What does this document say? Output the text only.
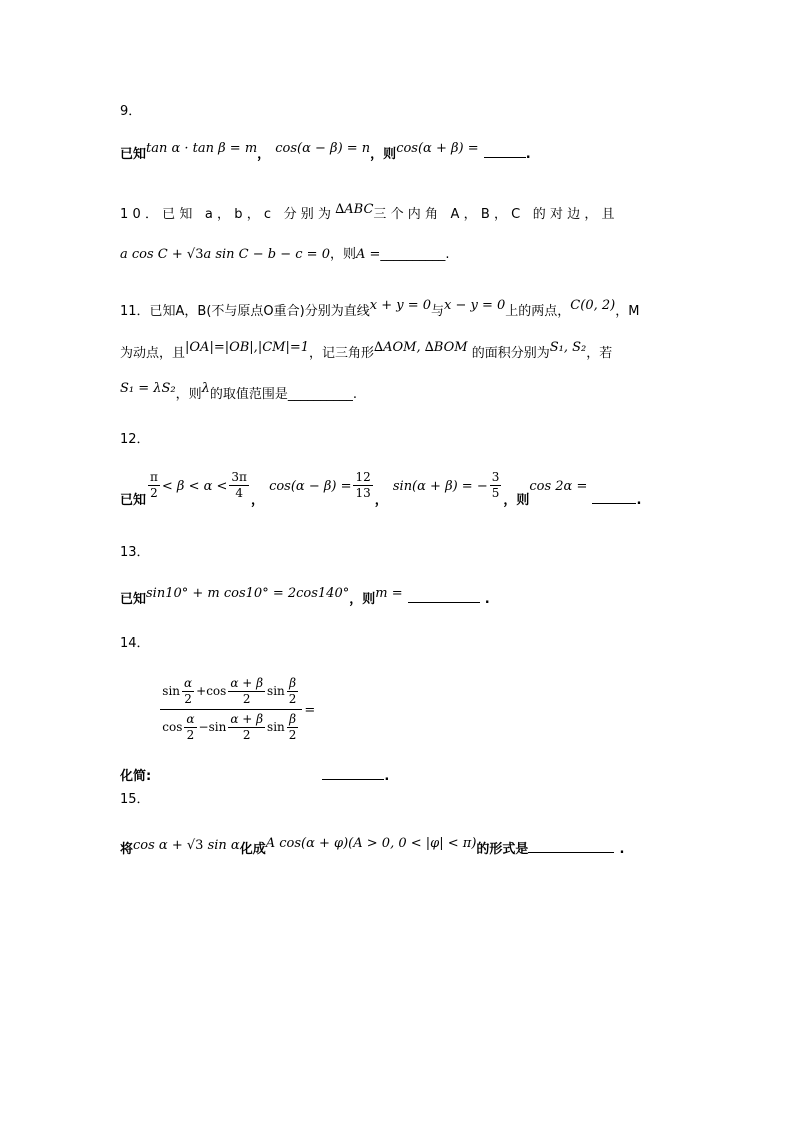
9．
已知$^{tan \alpha \cdot tan \beta = m}$， $^{cos(\alpha - \beta) = n}$，则$^{cos(\alpha + \beta) =}$	.
10．已知 a，b，c 分别为∆ABC三个内角 A，B，C 的对边，且
a cos C + √3a sin C − b − c = 0，则A =__________.
11．已知A，B(不与原点O重合)分别为直线x + y = 0与x − y = 0上的两点，C(0, 2)，M
为动点，且|OA|=|OB|,|CM|=1，记三角形∆AOM, ∆BOM 的面积分别为S₁, S₂，若
S₁ = λS₂，则λ的取值范围是__________.
12．
$_{已知} \frac{\pi}{2} < \beta < \alpha < \frac{3\pi}{4} _,$ $\cos(\alpha - \beta) = \frac{12}{13} _,$ sin(α + β) = − $\frac{3}{5} _{,则}\cos$ 2α = $_.$
13．
已知$^{sin10^\circ + m cos10^\circ = 2cos140^\circ}$，则$^{m =}$	.
14．
$_{化简:}$
$\sin \frac{\alpha}{2} + \cos \frac{\alpha + \beta}{2}$ $\sin \frac{\beta}{2}$
$\cos \frac{\alpha}{2} - \sin \frac{\alpha + \beta}{2}$ $\sin \frac{\beta}{2}$
= $_.$
15．
将$^{cos \alpha +}$ $^{√3}$ $^{sin \alpha}$化成$^{A cos(\alpha + \varphi)(A > 0, 0 < |\varphi| < \pi)}$的形式是	.
